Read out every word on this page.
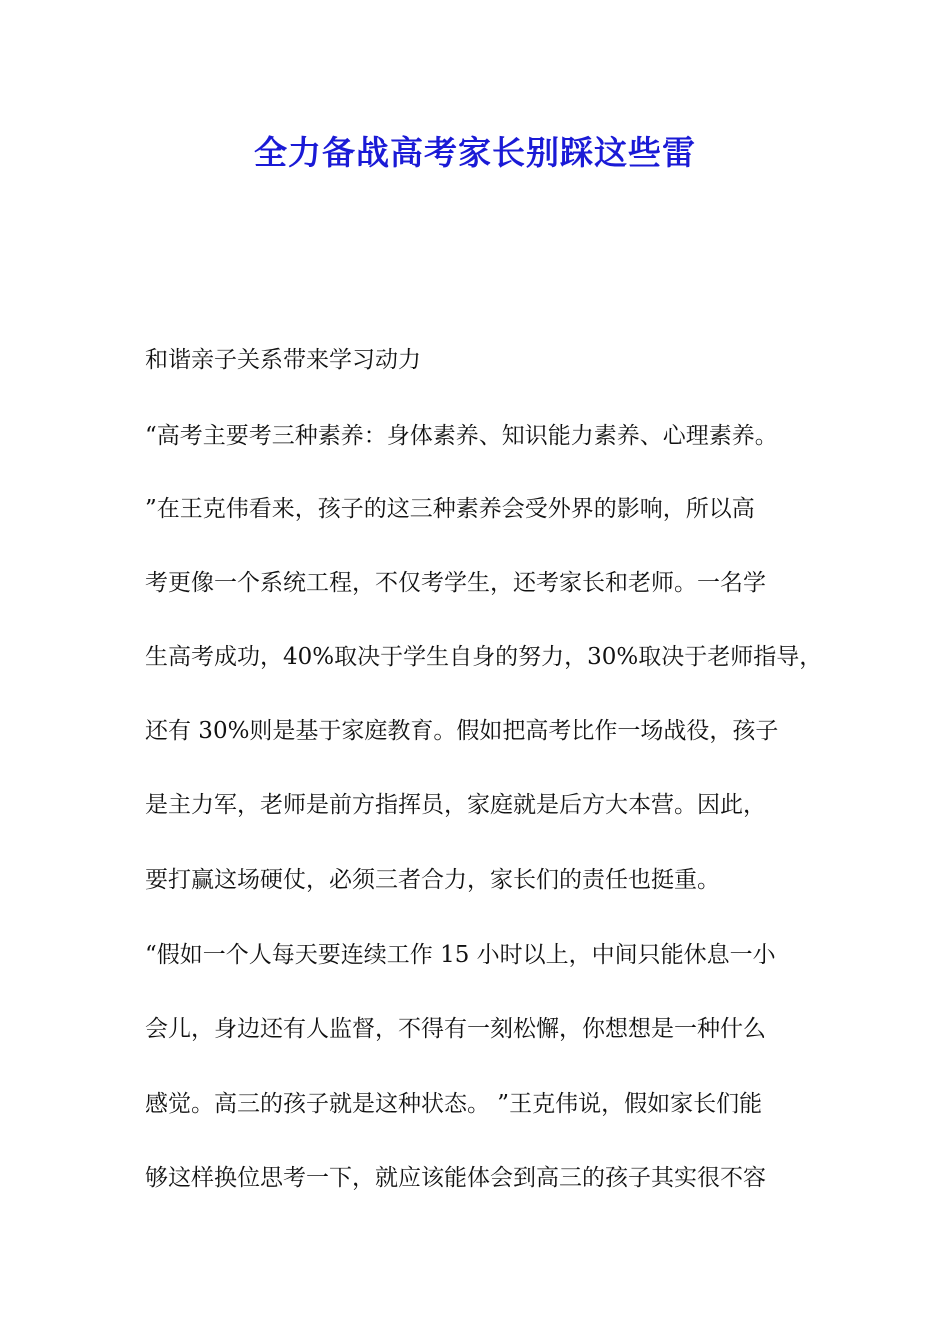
全力备战高考家长别踩这些雷
和谐亲子关系带来学习动力
“高考主要考三种素养：身体素养、知识能力素养、心理素养。
”在王克伟看来，孩子的这三种素养会受外界的影响，所以高
考更像一个系统工程，不仅考学生，还考家长和老师。一名学
生高考成功，40%取决于学生自身的努力，30%取决于老师指导，
还有 30%则是基于家庭教育。假如把高考比作一场战役，孩子
是主力军，老师是前方指挥员，家庭就是后方大本营。因此，
要打赢这场硬仗，必须三者合力，家长们的责任也挺重。
“假如一个人每天要连续工作 15 小时以上，中间只能休息一小
会儿，身边还有人监督，不得有一刻松懈，你想想是一种什么
感觉。高三的孩子就是这种状态。 ”王克伟说，假如家长们能
够这样换位思考一下，就应该能体会到高三的孩子其实很不容
